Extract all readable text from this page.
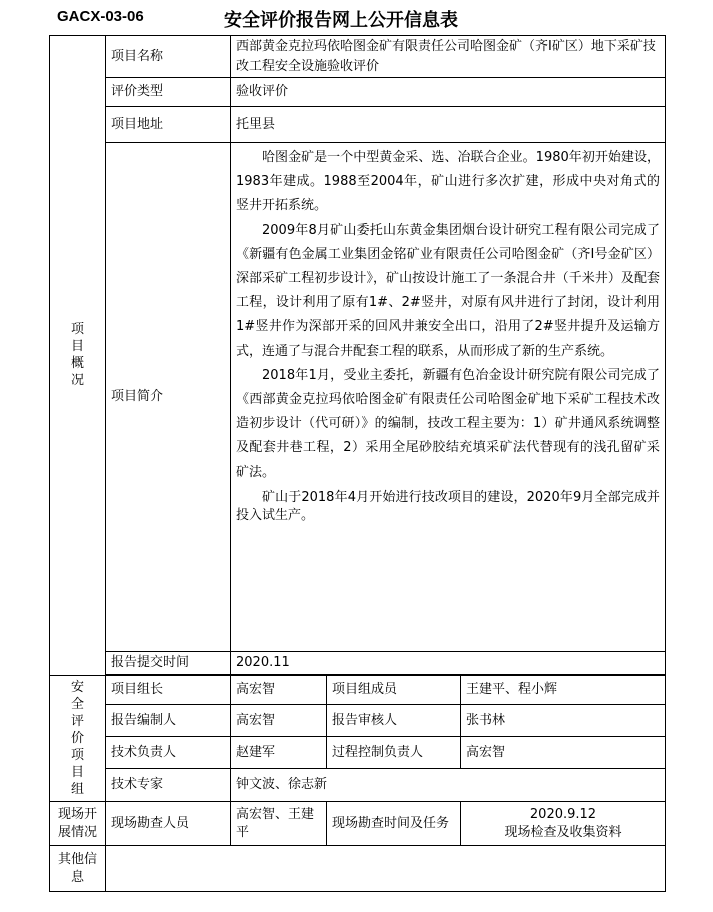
GACX-03-06	安全评价报告网上公开信息表
项目概况	项目名称	西部黄金克拉玛依哈图金矿有限责任公司哈图金矿（齐Ⅰ矿区）地下采矿技改工程安全设施验收评价		
	评价类型	验收评价		
	项目地址	托里县		
	项目简介	哈图金矿是一个中型黄金采、选、冶联合企业。1980年初开始建设，1983年建成。1988至2004年，矿山进行多次扩建，形成中央对角式的竖井开拓系统。

2009年8月矿山委托山东黄金集团烟台设计研究工程有限公司完成了《新疆有色金属工业集团金铭矿业有限责任公司哈图金矿（齐Ⅰ号金矿区）深部采矿工程初步设计》，矿山按设计施工了一条混合井（千米井）及配套工程，设计利用了原有1#、2#竖井，对原有风井进行了封闭，设计利用1#竖井作为深部开采的回风井兼安全出口，沿用了2#竖井提升及运输方式，连通了与混合井配套工程的联系，从而形成了新的生产系统。

2018年1月，受业主委托，新疆有色冶金设计研究院有限公司完成了《西部黄金克拉玛依哈图金矿有限责任公司哈图金矿地下采矿工程技术改造初步设计（代可研）》的编制，技改工程主要为：1）矿井通风系统调整及配套井巷工程，2）采用全尾砂胶结充填采矿法代替现有的浅孔留矿采矿法。

矿山于2018年4月开始进行技改项目的建设，2020年9月全部完成并投入试生产。		

	报告提交时间	2020.11		

安全评价项目组	项目组长	高宏智	项目组成员	王建平、程小辉
	报告编制人	高宏智	报告审核人	张书林
	技术负责人	赵建军	过程控制负责人	高宏智
	技术专家	钟文波、徐志新		
现场开展情况	现场勘查人员	高宏智、王建平	现场勘查时间及任务	2020.9.12
现场检查及收集资料

其他信息				
